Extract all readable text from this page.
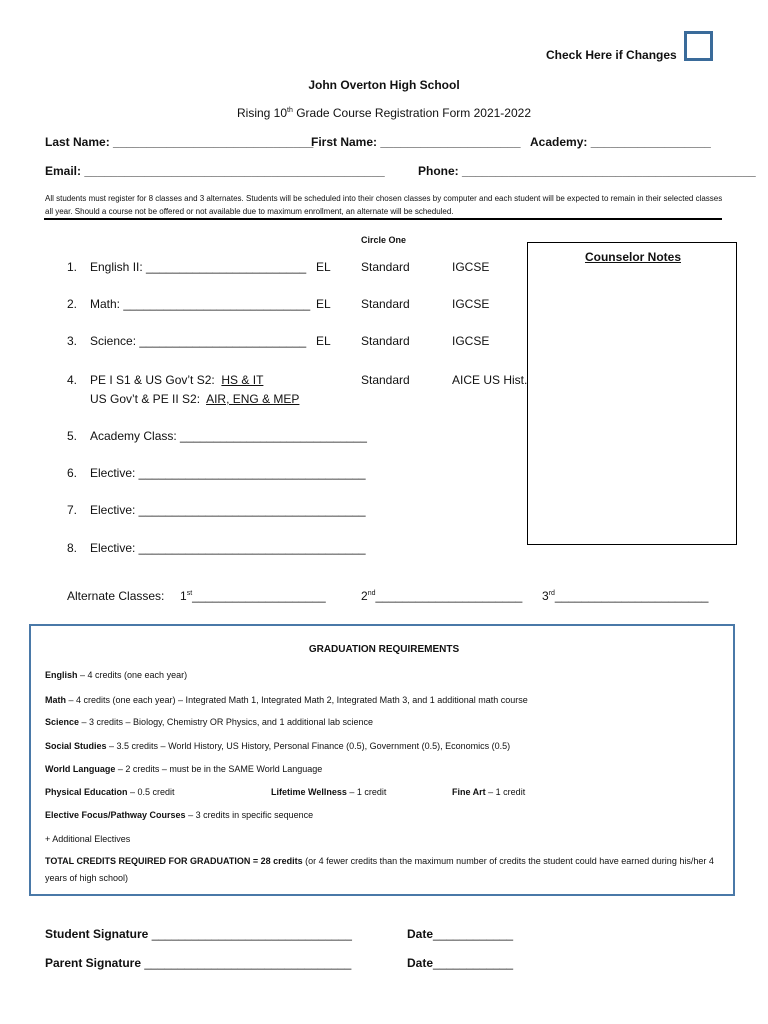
Check Here if Changes
John Overton High School
Rising 10th Grade Course Registration Form 2021-2022
Last Name: ______________________________
First Name: _____________________ Academy: __________________
Email: _____________________________________________	Phone: ____________________________________________
All students must register for 8 classes and 3 alternates. Students will be scheduled into their chosen classes by computer and each student will be expected to remain in their selected classes all year. Should a course not be offered or not available due to maximum enrollment, an alternate will be scheduled.
Circle One
Counselor Notes
1. English II: ________________________ EL	Standard	IGCSE
2. Math: ____________________________ EL	Standard	IGCSE
3. Science: _________________________ EL	Standard	IGCSE
4. PE I S1 & US Gov’t S2: HS & IT
US Gov’t & PE II S2: AIR, ENG & MEP
Standard	AICE US Hist.
5. Academy Class: ____________________________
6. Elective: __________________________________
7. Elective: __________________________________
8. Elective: __________________________________
Alternate Classes: 1st____________________	2nd______________________ 3rd_______________________
GRADUATION REQUIREMENTS
English – 4 credits (one each year)
Math – 4 credits (one each year) – Integrated Math 1, Integrated Math 2, Integrated Math 3, and 1 additional math course
Science – 3 credits – Biology, Chemistry OR Physics, and 1 additional lab science
Social Studies – 3.5 credits – World History, US History, Personal Finance (0.5), Government (0.5), Economics (0.5)
World Language – 2 credits – must be in the SAME World Language
Physical Education – 0.5 credit	Lifetime Wellness – 1 credit	Fine Art – 1 credit
Elective Focus/Pathway Courses – 3 credits in specific sequence
+ Additional Electives
TOTAL CREDITS REQUIRED FOR GRADUATION = 28 credits (or 4 fewer credits than the maximum number of credits the student could have earned during his/her 4 years of high school)
Student Signature ______________________________	Date____________
Parent Signature _______________________________	Date____________
